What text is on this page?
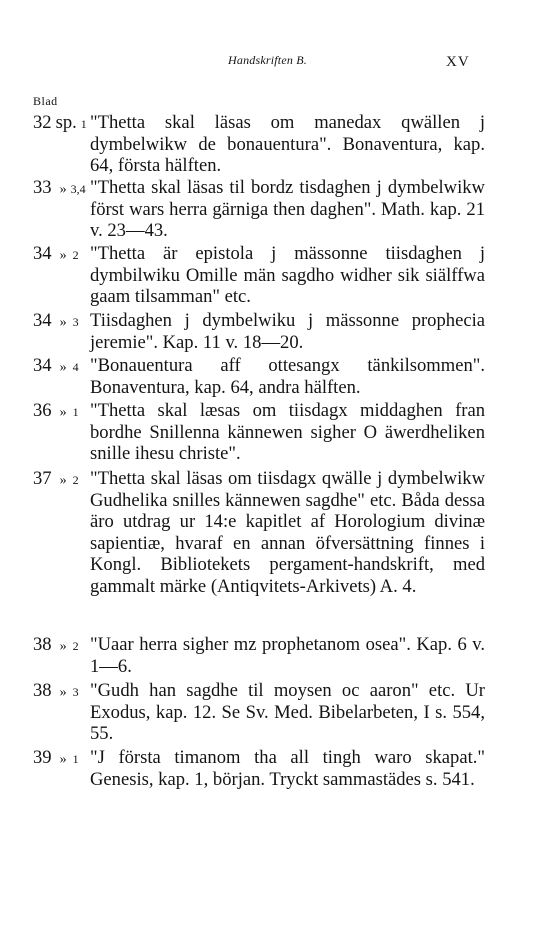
Handskriften B.	XV
Blad
32 sp. 1 "Thetta skal läsas om manedax qwällen j dymbelwikw de bonauentura". Bonaventura, kap. 64, första hälften.
33 » 3,4 "Thetta skal läsas til bordz tisdaghen j dymbelwikw först wars herra gärniga then daghen". Math. kap. 21 v. 23—43.
34 » 2 "Thetta är epistola j mässonne tiisdaghen j dymbilwiku Omille män sagdho widher sik siälffwa gaam tilsamman" etc.
34 » 3 Tiisdaghen j dymbelwiku j mässonne prophecia jeremie". Kap. 11 v. 18—20.
34 » 4 "Bonauentura aff ottesangx tänkilsommen". Bonaventura, kap. 64, andra hälften.
36 » 1 "Thetta skal læsas om tiisdagx middaghen fran bordhe Snillenna kännewen sigher O äwerdheliken snille ihesu christe".
37 » 2 "Thetta skal läsas om tiisdagx qwälle j dymbelwikw Gudhelika snilles kännewen sagdhe" etc. Båda dessa äro utdrag ur 14:e kapitlet af Horologium divinæ sapientiæ, hvaraf en annan öfversättning finnes i Kongl. Bibliotekets pergament-handskrift, med gammalt märke (Antiqvitets-Arkivets) A. 4.
38 » 2 "Uaar herra sigher mz prophetanom osea". Kap. 6 v. 1—6.
38 » 3 "Gudh han sagdhe til moysen oc aaron" etc. Ur Exodus, kap. 12. Se Sv. Med. Bibelarbeten, I s. 554, 55.
39 » 1 "J första timanom tha all tingh waro skapat." Genesis, kap. 1, början. Tryckt sammastädes s. 541.
